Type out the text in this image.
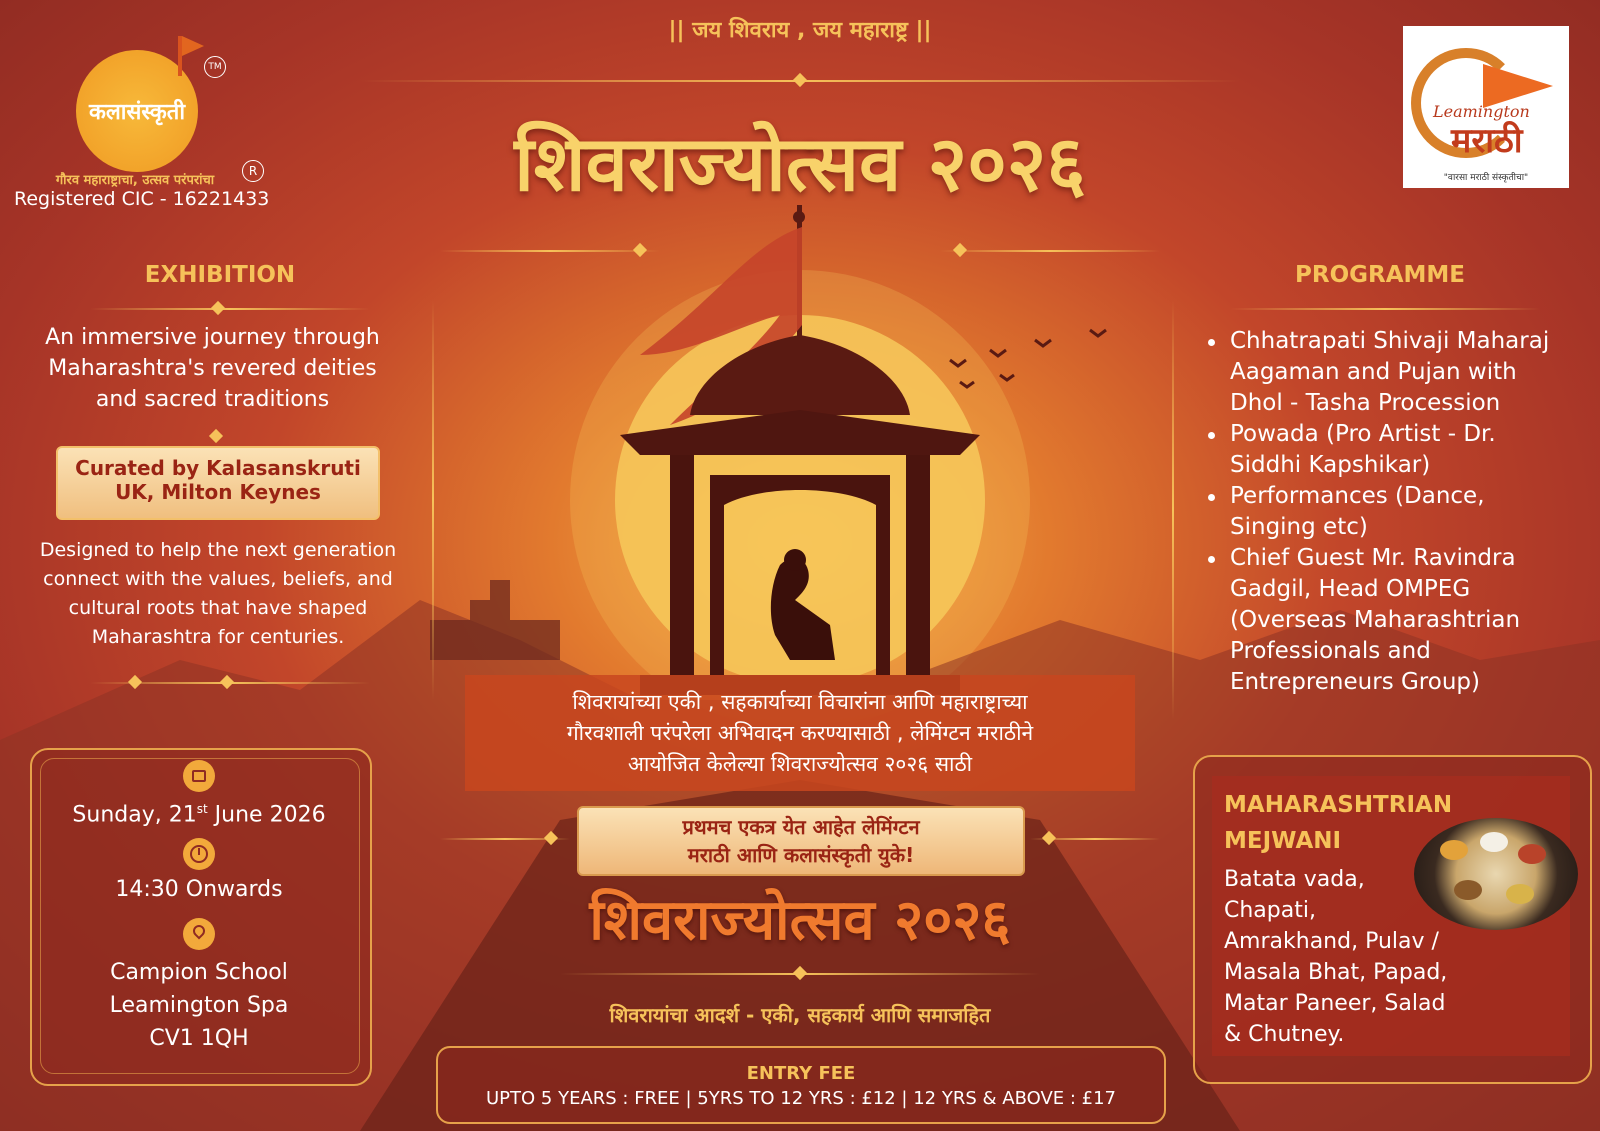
|| जय शिवराय , जय महाराष्ट्र ||
शिवराज्योत्सव २०२६
कलासंस्कृती
TM
गौरव महाराष्ट्राचा, उत्सव परंपरांचा
R
Registered CIC - 16221433
Leamington
मराठी
"वारसा मराठी संस्कृतीचा"
EXHIBITION
An immersive journey through Maharashtra's revered deities and sacred traditions
Curated by Kalasanskruti
UK, Milton Keynes
Designed to help the next generation connect with the values, beliefs, and cultural roots that have shaped Maharashtra for centuries.
PROGRAMME
Chhatrapati Shivaji Maharaj Aagaman and Pujan with Dhol - Tasha Procession
Powada (Pro Artist - Dr. Siddhi Kapshikar)
Performances (Dance, Singing etc)
Chief Guest Mr. Ravindra Gadgil, Head OMPEG (Overseas Maharashtrian Professionals and Entrepreneurs Group)
शिवरायांच्या एकी , सहकार्याच्या विचारांना आणि महाराष्ट्राच्या
गौरवशाली परंपरेला अभिवादन करण्यासाठी , लेमिंग्टन मराठीने
आयोजित केलेल्या शिवराज्योत्सव २०२६ साठी
Sunday, 21st June 2026
14:30 Onwards
Campion School
Leamington Spa
CV1 1QH
प्रथमच एकत्र येत आहेत लेमिंग्टन
मराठी आणि कलासंस्कृती युके!
शिवराज्योत्सव २०२६
शिवरायांचा आदर्श - एकी, सहकार्य आणि समाजहित
ENTRY FEE
UPTO 5 YEARS : FREE | 5YRS TO 12 YRS : £12 | 12 YRS & ABOVE : £17
MAHARASHTRIAN
MEJWANI
Batata vada,
Chapati,
Amrakhand, Pulav /
Masala Bhat, Papad,
Matar Paneer, Salad
& Chutney.
